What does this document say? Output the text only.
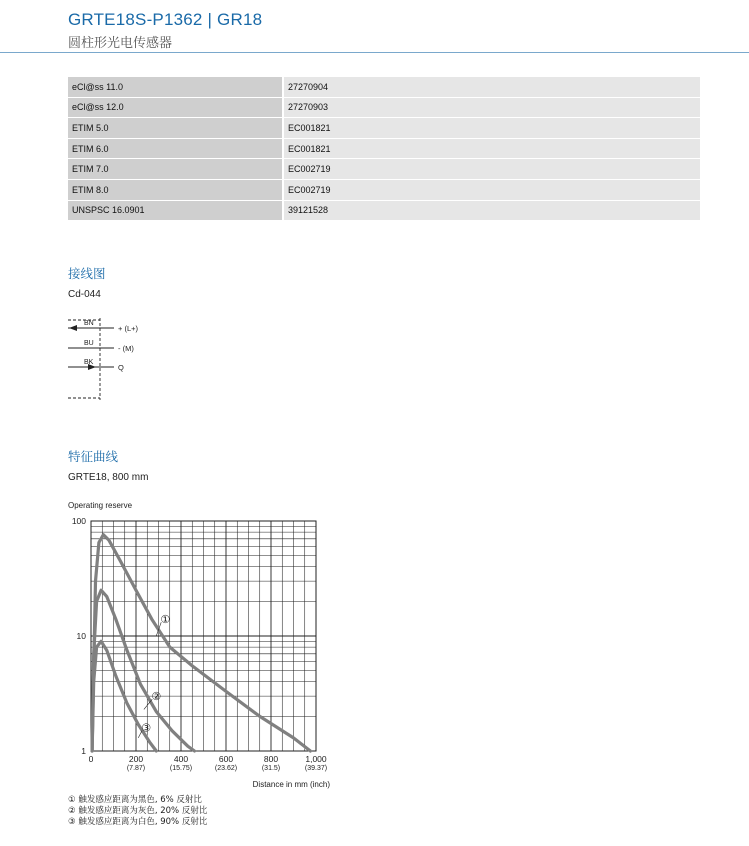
GRTE18S-P1362 | GR18
圆柱形光电传感器
eCl@ss 11.0	27270904
eCl@ss 12.0	27270903
ETIM 5.0	EC001821
ETIM 6.0	EC001821
ETIM 7.0	EC002719
ETIM 8.0	EC002719
UNSPSC 16.0901	39121528
接线图
Cd-044
BN
BU
BK
+ (L+)
- (M)
Q
特征曲线
GRTE18, 800 mm
Operating reserve
Distance in mm (inch)
100
10
1
0	200
(7.87)
400
(15.75)
600
(23.62)
800
(31.5)
1,000
(39.37)
①
②
③
① 触发感应距离为黑色, 6% 反射比
② 触发感应距离为灰色, 20% 反射比
③ 触发感应距离为白色, 90% 反射比
